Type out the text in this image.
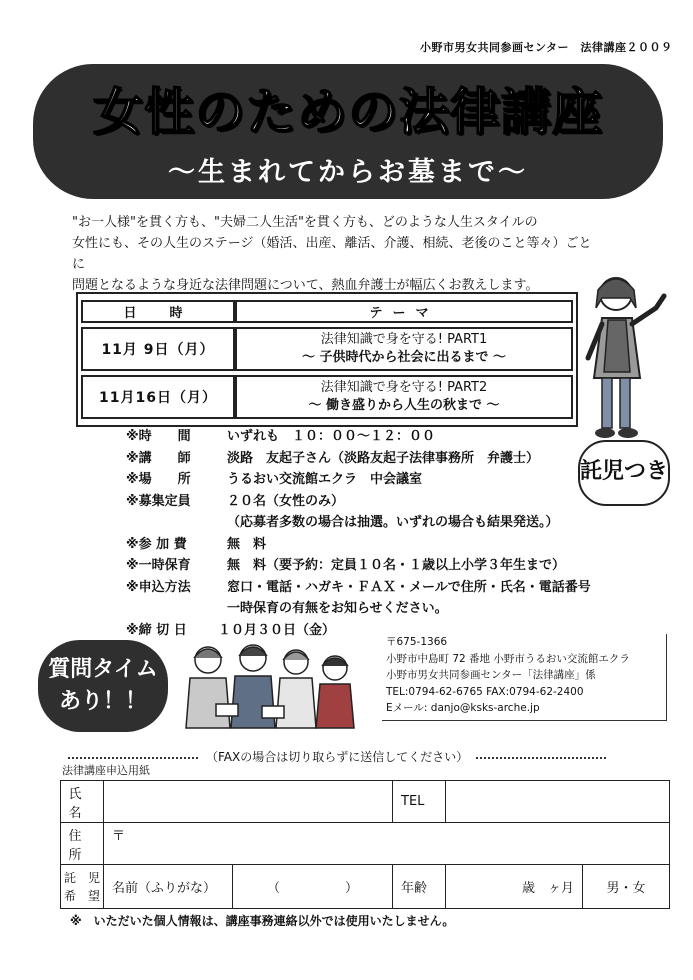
小野市男女共同参画センター　法律講座２００９
女性のための法律講座
～生まれてからお墓まで～

"お一人様"を貫く方も、"夫婦二人生活"を貫く方も、どのような人生スタイルの

女性にも、その人生のステージ（婚活、出産、離活、介護、相続、老後のこと等々）ごとに

問題となるような身近な法律問題について、熱血弁護士が幅広くお教えします。

日　時	テーマ
11月 9日（月）	法律知識で身を守る! PART1
～ 子供時代から社会に出るまで ～

11月16日（月）	法律知識で身を守る! PART2
～ 働き盛りから人生の秋まで ～
※時　　間	いずれも　１０：００～１２：００
※講　　師	淡路　友起子さん（淡路友起子法律事務所　弁護士）
※場　　所	うるおい交流館エクラ　中会議室
※募集定員	２０名（女性のみ）
（応募者多数の場合は抽選。いずれの場合も結果発送。）
※参 加 費	無　料
※一時保育	無　料（要予約：定員１０名・１歳以上小学３年生まで）
※申込方法	窓口・電話・ハガキ・ＦＡＸ・メールで住所・氏名・電話番号
一時保育の有無をお知らせください。
※締 切 日 １０月３０日（金）
託児つき
質問タイム
あり！！
〒675-1366
小野市中島町 72 番地 小野市うるおい交流館エクラ
小野市男女共同参画センター「法律講座」係
TEL:0794-62-6765 FAX:0794-62-2400
Eメール: danjo@ksks-arche.jp
（FAXの場合は切り取らずに送信してください）
法律講座申込用紙
氏名			TEL		
住所	〒				

託　児
希　望	名前（ふりがな）	（　　　　　）	年齢	歳　ヶ月	男・女
※　いただいた個人情報は、講座事務連絡以外では使用いたしません。
